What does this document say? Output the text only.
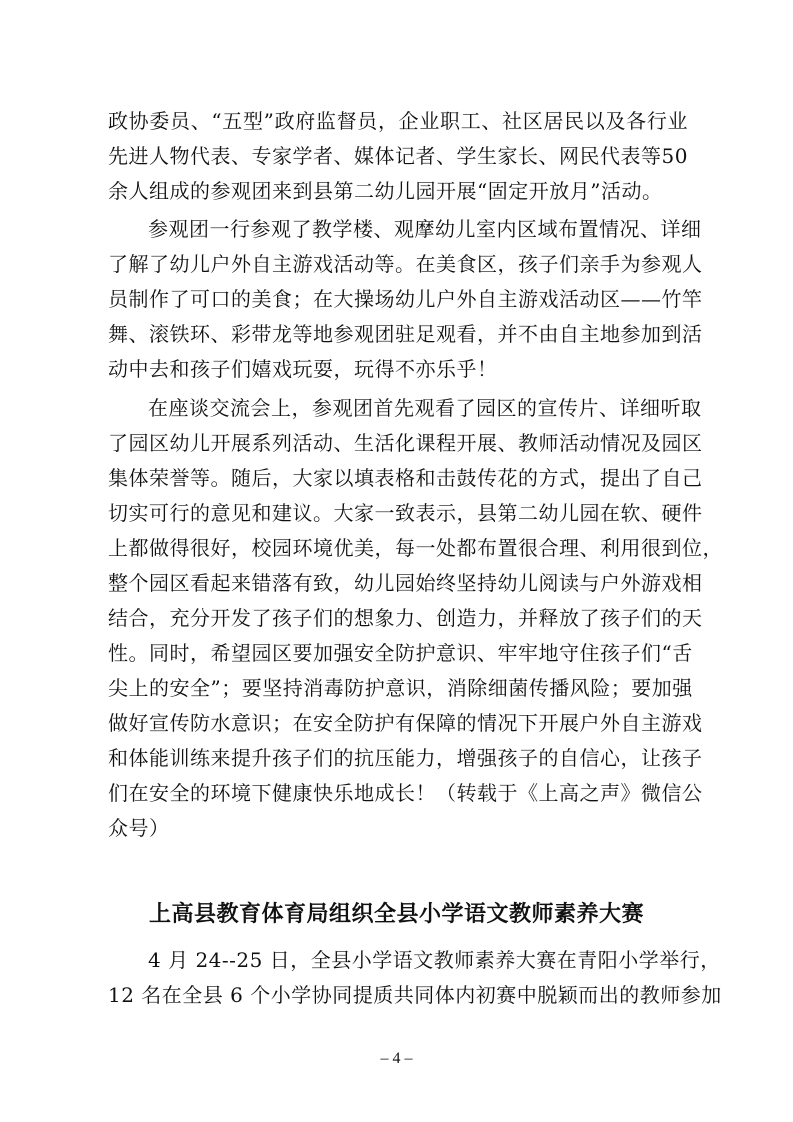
政协委员、“五型”政府监督员，企业职工、社区居民以及各行业
先进人物代表、专家学者、媒体记者、学生家长、网民代表等50
余人组成的参观团来到县第二幼儿园开展“固定开放月”活动。
参观团一行参观了教学楼、观摩幼儿室内区域布置情况、详细
了解了幼儿户外自主游戏活动等。在美食区，孩子们亲手为参观人
员制作了可口的美食；在大操场幼儿户外自主游戏活动区——竹竿
舞、滚铁环、彩带龙等地参观团驻足观看，并不由自主地参加到活
动中去和孩子们嬉戏玩耍，玩得不亦乐乎！
在座谈交流会上，参观团首先观看了园区的宣传片、详细听取
了园区幼儿开展系列活动、生活化课程开展、教师活动情况及园区
集体荣誉等。随后，大家以填表格和击鼓传花的方式，提出了自己
切实可行的意见和建议。大家一致表示，县第二幼儿园在软、硬件
上都做得很好，校园环境优美，每一处都布置很合理、利用很到位，
整个园区看起来错落有致，幼儿园始终坚持幼儿阅读与户外游戏相
结合，充分开发了孩子们的想象力、创造力，并释放了孩子们的天
性。同时，希望园区要加强安全防护意识、牢牢地守住孩子们“舌
尖上的安全”；要坚持消毒防护意识，消除细菌传播风险；要加强
做好宣传防水意识；在安全防护有保障的情况下开展户外自主游戏
和体能训练来提升孩子们的抗压能力，增强孩子的自信心，让孩子
们在安全的环境下健康快乐地成长！（转载于《上高之声》微信公
众号）
上高县教育体育局组织全县小学语文教师素养大赛
4 月 24--25 日，全县小学语文教师素养大赛在青阳小学举行，
12 名在全县 6 个小学协同提质共同体内初赛中脱颖而出的教师参加
– 4 –
